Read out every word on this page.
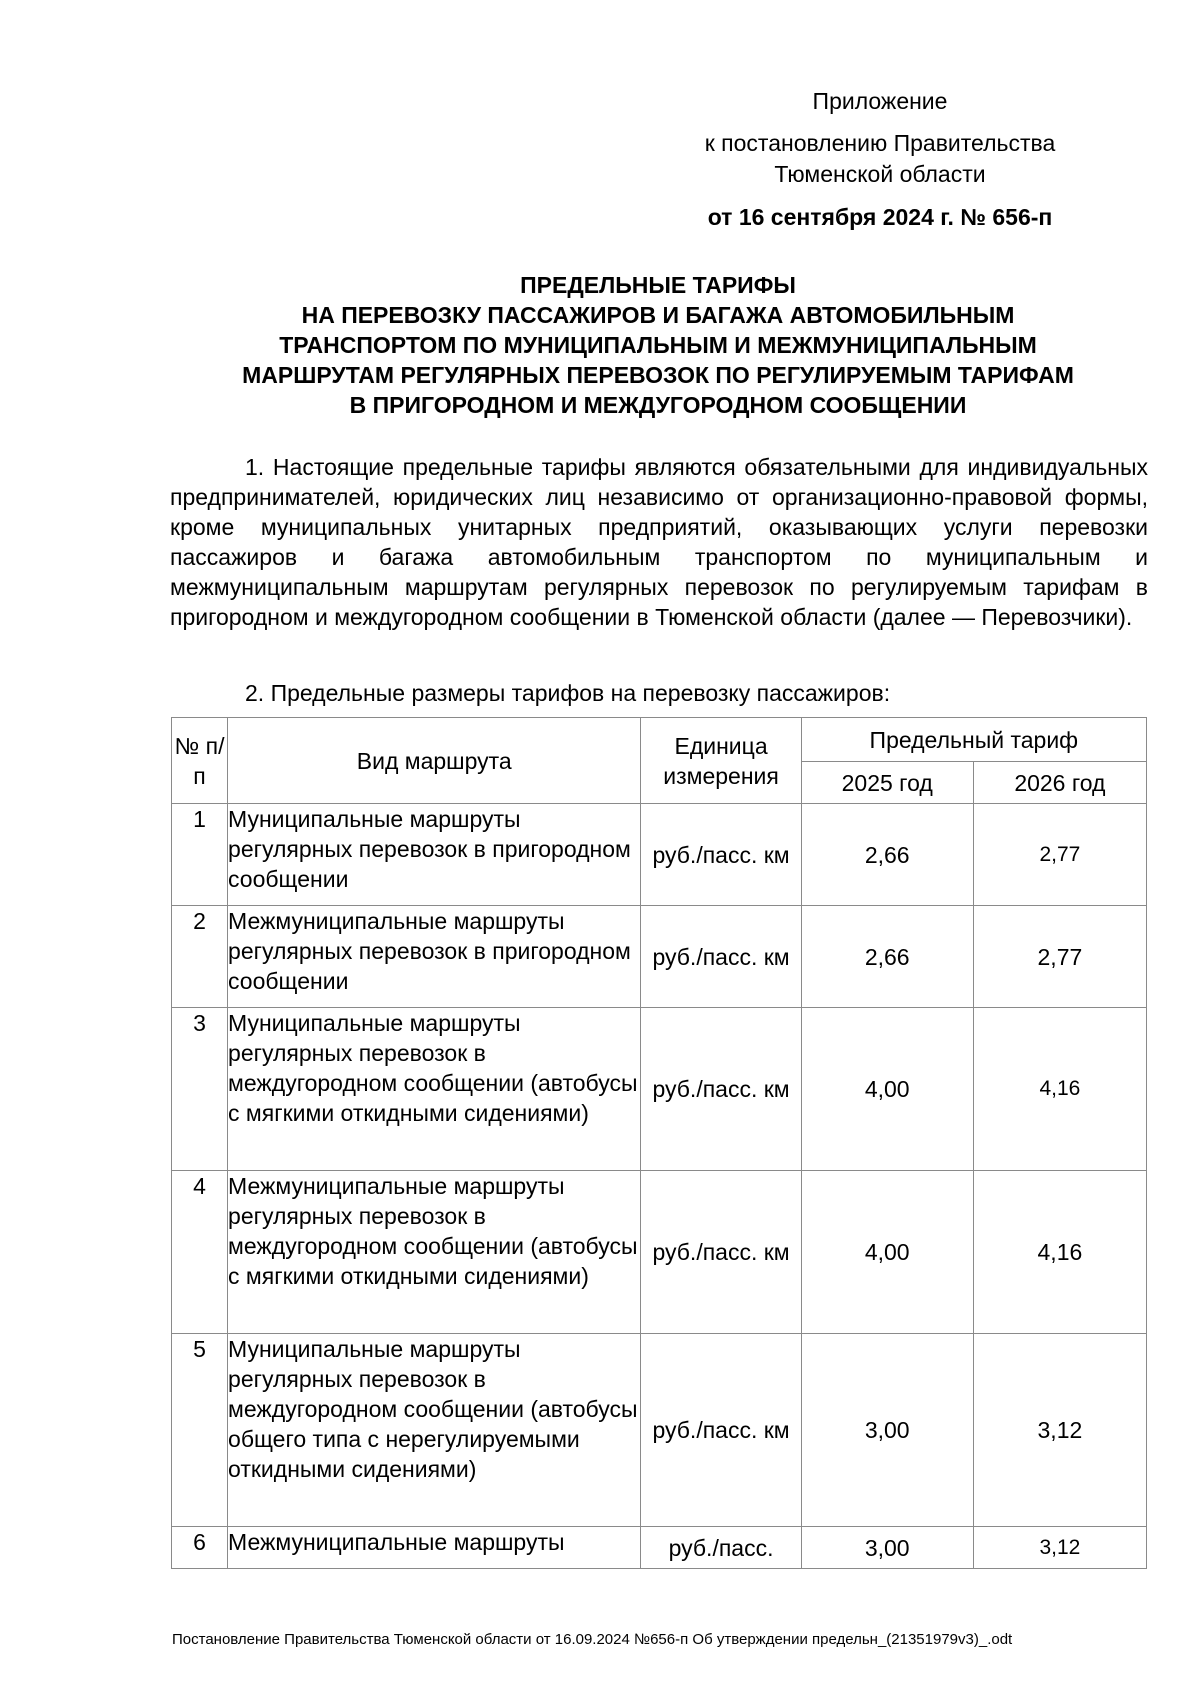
Приложение
к постановлению Правительства
Тюменской области
от 16 сентября 2024 г. № 656-п
ПРЕДЕЛЬНЫЕ ТАРИФЫ
НА ПЕРЕВОЗКУ ПАССАЖИРОВ И БАГАЖА АВТОМОБИЛЬНЫМ
ТРАНСПОРТОМ ПО МУНИЦИПАЛЬНЫМ И МЕЖМУНИЦИПАЛЬНЫМ
МАРШРУТАМ РЕГУЛЯРНЫХ ПЕРЕВОЗОК ПО РЕГУЛИРУЕМЫМ ТАРИФАМ
В ПРИГОРОДНОМ И МЕЖДУГОРОДНОМ СООБЩЕНИИ
1. Настоящие предельные тарифы являются обязательными для индивидуальных предпринимателей, юридических лиц независимо от организационно-правовой формы, кроме муниципальных унитарных предприятий, оказывающих услуги перевозки пассажиров и багажа автомобильным транспортом по муниципальным и межмуниципальным маршрутам регулярных перевозок по регулируемым тарифам в пригородном и междугородном сообщении в Тюменской области (далее — Перевозчики).
2. Предельные размеры тарифов на перевозку пассажиров:
№ п/п	Вид маршрута	Единица измерения	Предельный тариф	
			2025 год	2026 год
1	Муниципальные маршруты регулярных перевозок в пригородном сообщении	руб./пасс. км	2,66	2,77
2	Межмуниципальные маршруты регулярных перевозок в пригородном сообщении	руб./пасс. км	2,66	2,77
3	Муниципальные маршруты регулярных перевозок в междугородном сообщении (автобусы с мягкими откидными сидениями)	руб./пасс. км	4,00	4,16
4	Межмуниципальные маршруты регулярных перевозок в междугородном сообщении (автобусы с мягкими откидными сидениями)	руб./пасс. км	4,00	4,16
5	Муниципальные маршруты регулярных перевозок в междугородном сообщении (автобусы общего типа с нерегулируемыми откидными сидениями)	руб./пасс. км	3,00	3,12
6	Межмуниципальные маршруты	руб./пасс.	3,00	3,12
Постановление Правительства Тюменской области от 16.09.2024 №656-п Об утверждении предельн_(21351979v3)_.odt
